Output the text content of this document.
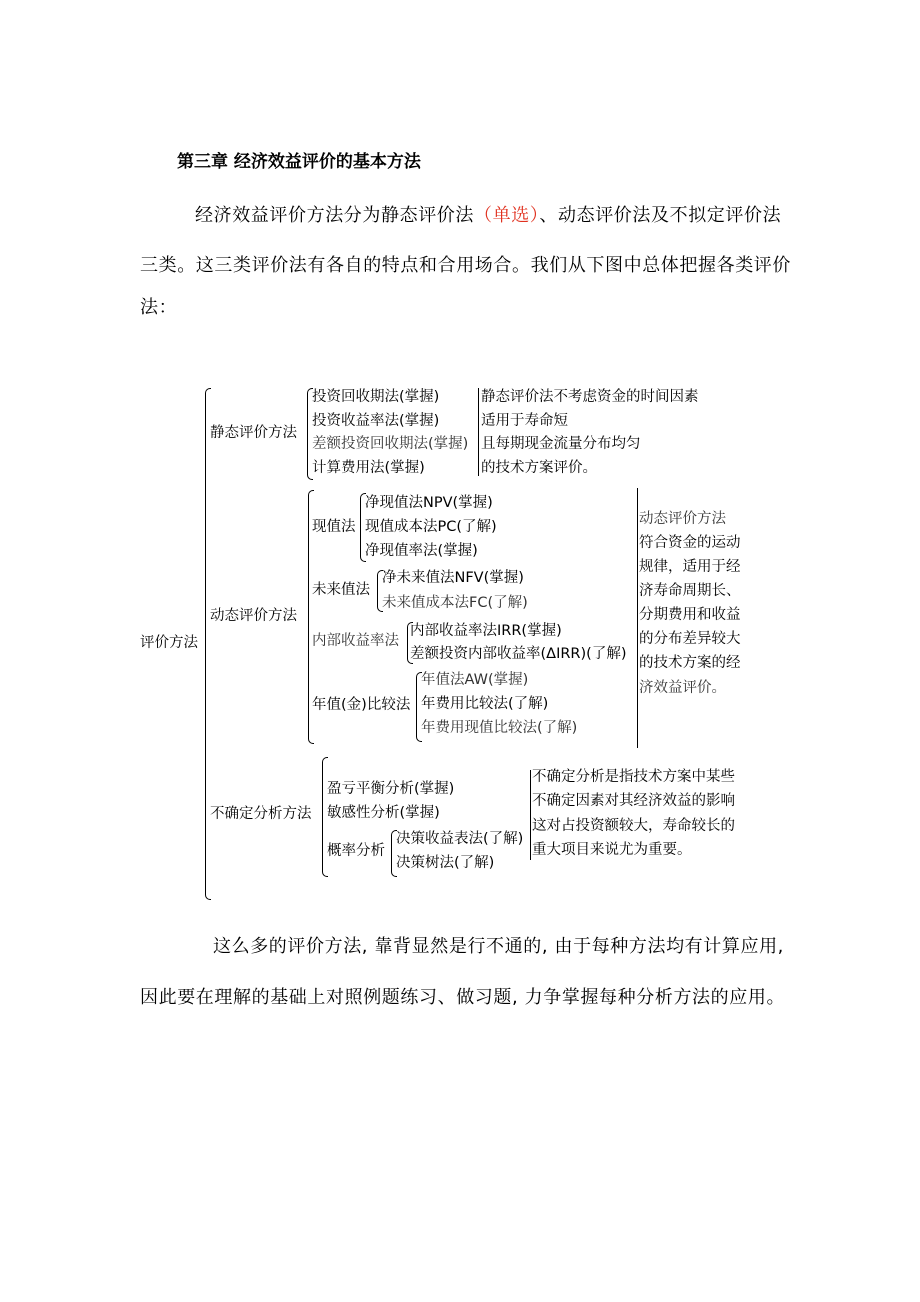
第三章 经济效益评价的基本方法
经济效益评价方法分为静态评价法（单选）、动态评价法及不拟定评价法
三类。这三类评价法有各自的特点和合用场合。我们从下图中总体把握各类评价
法：
评价方法
静态评价方法
投资回收期法(掌握)
投资收益率法(掌握)
差额投资回收期法(掌握)
计算费用法(掌握)
静态评价法不考虑资金的时间因素
适用于寿命短
且每期现金流量分布均匀
的技术方案评价。
动态评价方法
现值法
净现值法NPV(掌握)
现值成本法PC(了解)
净现值率法(掌握)
未来值法
净未来值法NFV(掌握)
未来值成本法FC(了解)
内部收益率法
内部收益率法IRR(掌握)
差额投资内部收益率(ΔIRR)(了解)
年值(金)比较法
年值法AW(掌握)
年费用比较法(了解)
年费用现值比较法(了解)
动态评价方法
符合资金的运动
规律，适用于经
济寿命周期长、
分期费用和收益
的分布差异较大
的技术方案的经
济效益评价。
不确定分析方法
盈亏平衡分析(掌握)
敏感性分析(掌握)
概率分析
决策收益表法(了解)
决策树法(了解)
不确定分析是指技术方案中某些
不确定因素对其经济效益的影响
这对占投资额较大，寿命较长的
重大项目来说尤为重要。
这么多的评价方法, 靠背显然是行不通的, 由于每种方法均有计算应用,
因此要在理解的基础上对照例题练习、做习题, 力争掌握每种分析方法的应用。
